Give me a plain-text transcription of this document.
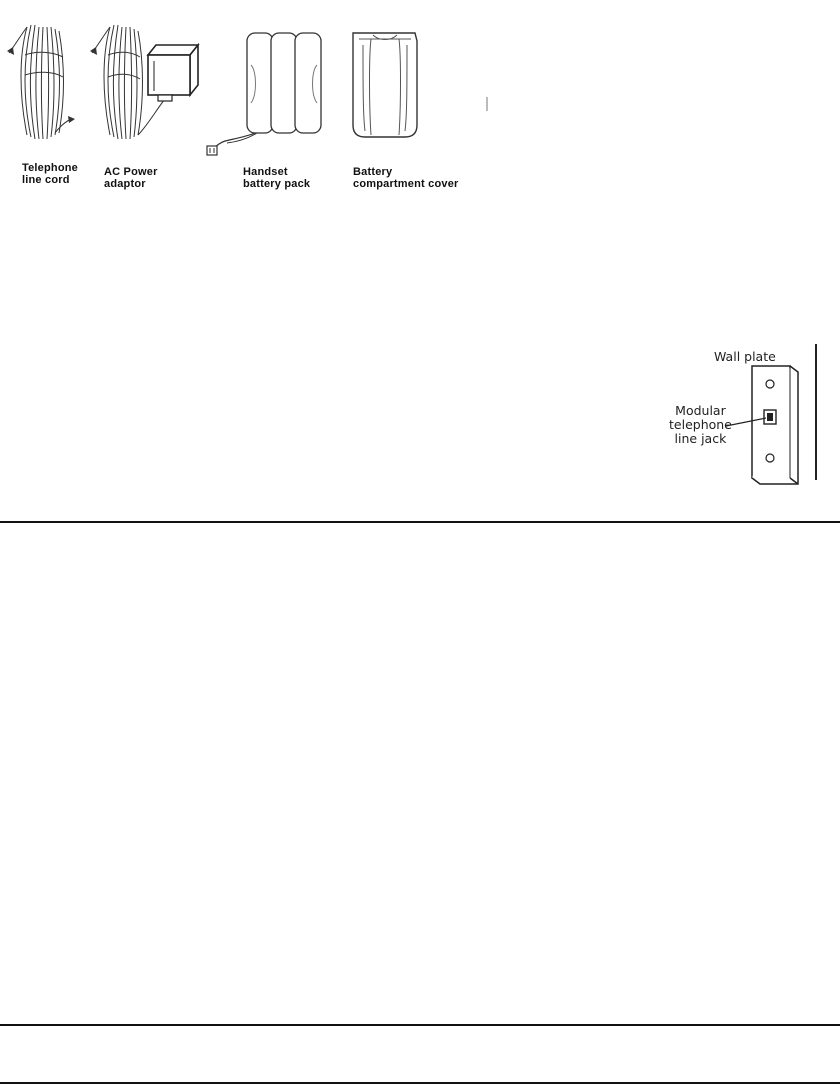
Telephone
line cord
AC Power
adaptor
Handset
battery pack
Battery
compartment cover
Wall plate
Modular
telephone
line jack
